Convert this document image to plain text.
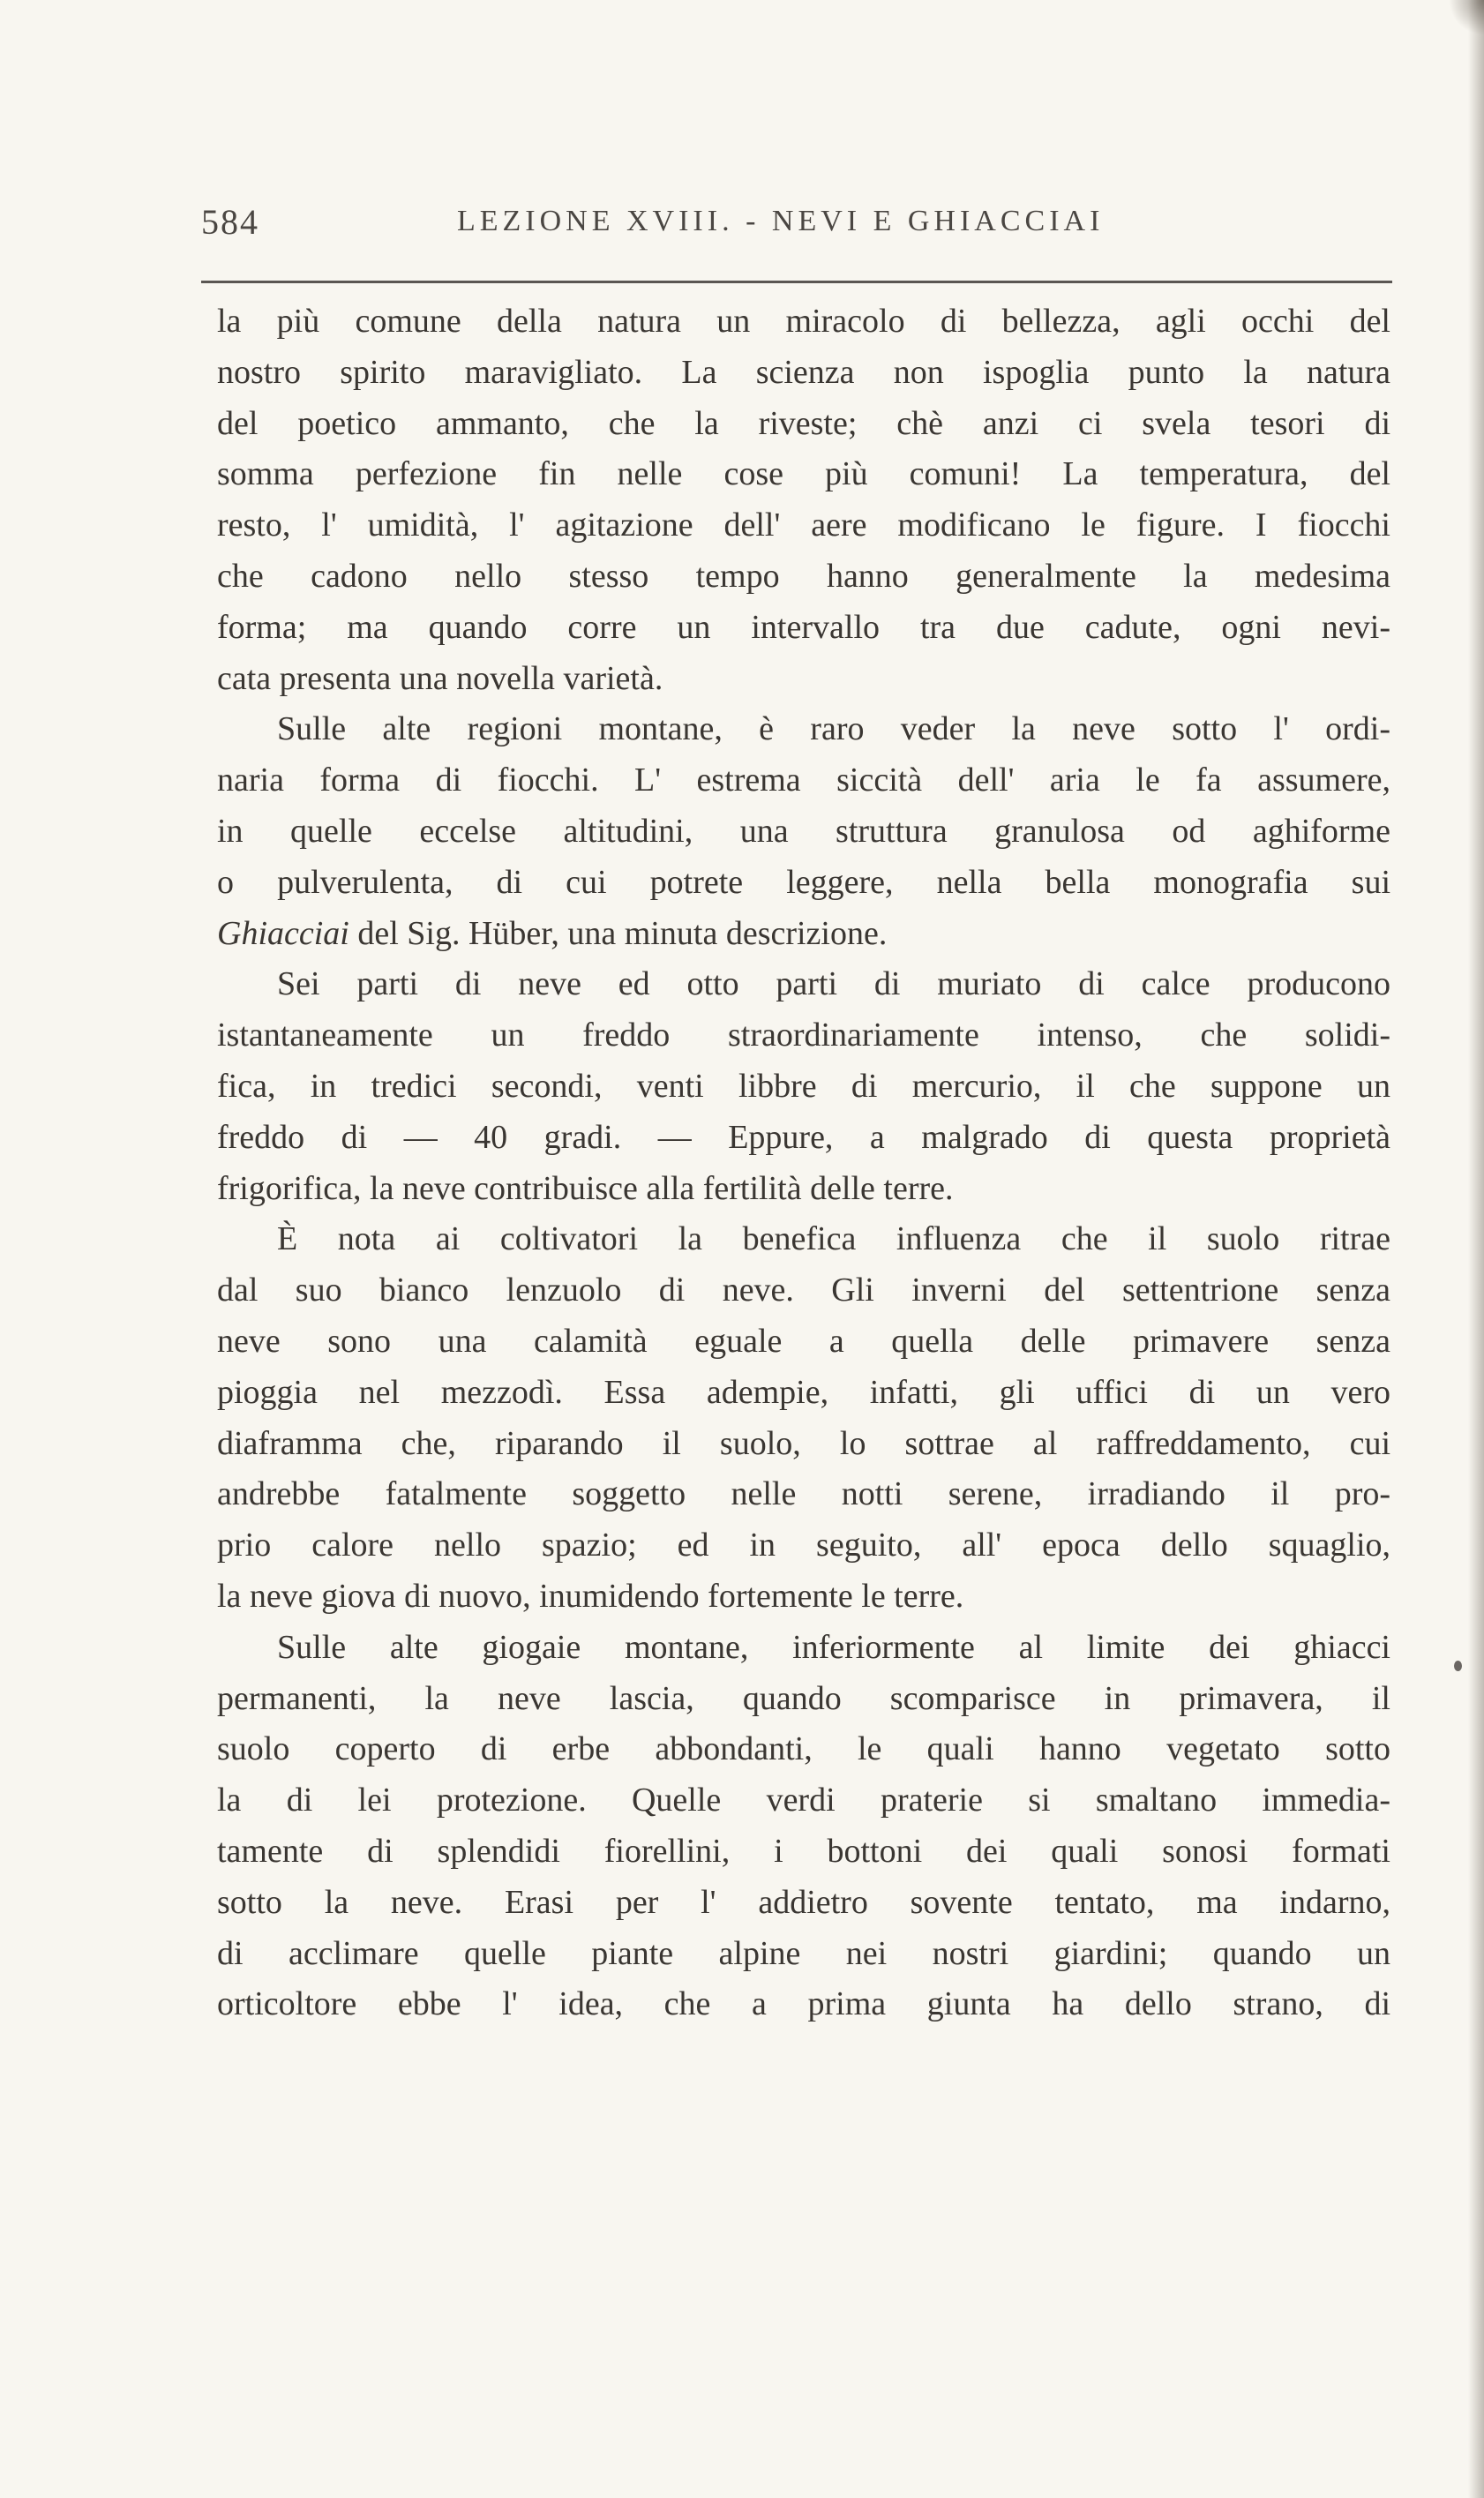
584	LEZIONE XVIII. - NEVI E GHIACCIAI
la più comune della natura un miracolo di bellezza, agli occhi del
nostro spirito maravigliato. La scienza non ispoglia punto la natura
del poetico ammanto, che la riveste; chè anzi ci svela tesori di
somma perfezione fin nelle cose più comuni! La temperatura, del
resto, l' umidità, l' agitazione dell' aere modificano le figure. I fiocchi
che cadono nello stesso tempo hanno generalmente la medesima
forma; ma quando corre un intervallo tra due cadute, ogni nevi-
cata presenta una novella varietà.
Sulle alte regioni montane, è raro veder la neve sotto l' ordi-
naria forma di fiocchi. L' estrema siccità dell' aria le fa assumere,
in quelle eccelse altitudini, una struttura granulosa od aghiforme
o pulverulenta, di cui potrete leggere, nella bella monografia sui
Ghiacciai del Sig. Hüber, una minuta descrizione.
Sei parti di neve ed otto parti di muriato di calce producono
istantaneamente un freddo straordinariamente intenso, che solidi-
fica, in tredici secondi, venti libbre di mercurio, il che suppone un
freddo di — 40 gradi. — Eppure, a malgrado di questa proprietà
frigorifica, la neve contribuisce alla fertilità delle terre.
È nota ai coltivatori la benefica influenza che il suolo ritrae
dal suo bianco lenzuolo di neve. Gli inverni del settentrione senza
neve sono una calamità eguale a quella delle primavere senza
pioggia nel mezzodì. Essa adempie, infatti, gli uffici di un vero
diaframma che, riparando il suolo, lo sottrae al raffreddamento, cui
andrebbe fatalmente soggetto nelle notti serene, irradiando il pro-
prio calore nello spazio; ed in seguito, all' epoca dello squaglio,
la neve giova di nuovo, inumidendo fortemente le terre.
Sulle alte giogaie montane, inferiormente al limite dei ghiacci
permanenti, la neve lascia, quando scomparisce in primavera, il
suolo coperto di erbe abbondanti, le quali hanno vegetato sotto
la di lei protezione. Quelle verdi praterie si smaltano immedia-
tamente di splendidi fiorellini, i bottoni dei quali sonosi formati
sotto la neve. Erasi per l' addietro sovente tentato, ma indarno,
di acclimare quelle piante alpine nei nostri giardini; quando un
orticoltore ebbe l' idea, che a prima giunta ha dello strano, di
